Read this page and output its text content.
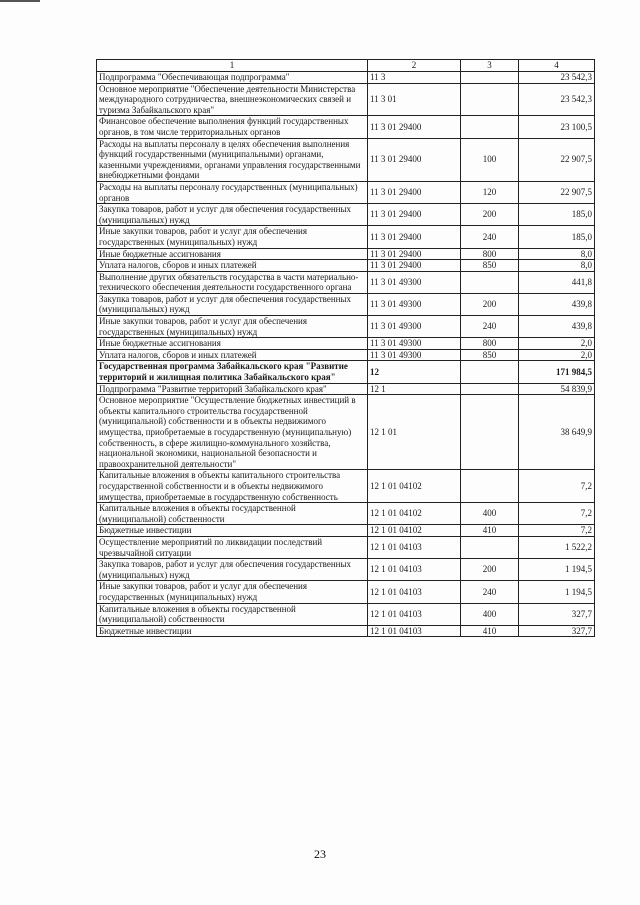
1	2	3	4
Подпрограмма "Обеспечивающая подпрограмма"	11 3		23 542,3
Основное мероприятие "Обеспечение деятельности Министерства международного сотрудничества, внешнеэкономических связей и туризма Забайкальского края"	11 3 01		23 542,3
Финансовое обеспечение выполнения функций государственных органов, в том числе территориальных органов	11 3 01 29400		23 100,5
Расходы на выплаты персоналу в целях обеспечения выполнения функций государственными (муниципальными) органами, казенными учреждениями, органами управления государственными внебюджетными фондами	11 3 01 29400	100	22 907,5
Расходы на выплаты персоналу государственных (муниципальных) органов	11 3 01 29400	120	22 907,5
Закупка товаров, работ и услуг для обеспечения государственных (муниципальных) нужд	11 3 01 29400	200	185,0
Иные закупки товаров, работ и услуг для обеспечения государственных (муниципальных) нужд	11 3 01 29400	240	185,0
Иные бюджетные ассигнования	11 3 01 29400	800	8,0
Уплата налогов, сборов и иных платежей	11 3 01 29400	850	8,0
Выполнение других обязательств государства в части материально-технического обеспечения деятельности государственного органа	11 3 01 49300		441,8
Закупка товаров, работ и услуг для обеспечения государственных (муниципальных) нужд	11 3 01 49300	200	439,8
Иные закупки товаров, работ и услуг для обеспечения государственных (муниципальных) нужд	11 3 01 49300	240	439,8
Иные бюджетные ассигнования	11 3 01 49300	800	2,0
Уплата налогов, сборов и иных платежей	11 3 01 49300	850	2,0
Государственная программа Забайкальского края "Развитие территорий и жилищная политика Забайкальского края"	12		171 984,5
Подпрограмма "Развитие территорий Забайкальского края"	12 1		54 839,9
Основное мероприятие "Осуществление бюджетных инвестиций в объекты капитального строительства государственной (муниципальной) собственности и в объекты недвижимого имущества, приобретаемые в государственную (муниципальную) собственность, в сфере жилищно-коммунального хозяйства, национальной экономики, национальной безопасности и правоохранительной деятельности"	12 1 01		38 649,9
Капитальные вложения в объекты капитального строительства государственной собственности и в объекты недвижимого имущества, приобретаемые в государственную собственность	12 1 01 04102		7,2
Капитальные вложения в объекты государственной (муниципальной) собственности	12 1 01 04102	400	7,2
Бюджетные инвестиции	12 1 01 04102	410	7,2
Осуществление мероприятий по ликвидации последствий чрезвычайной ситуации	12 1 01 04103		1 522,2
Закупка товаров, работ и услуг для обеспечения государственных (муниципальных) нужд	12 1 01 04103	200	1 194,5
Иные закупки товаров, работ и услуг для обеспечения государственных (муниципальных) нужд	12 1 01 04103	240	1 194,5
Капитальные вложения в объекты государственной (муниципальной) собственности	12 1 01 04103	400	327,7
Бюджетные инвестиции	12 1 01 04103	410	327,7
23
